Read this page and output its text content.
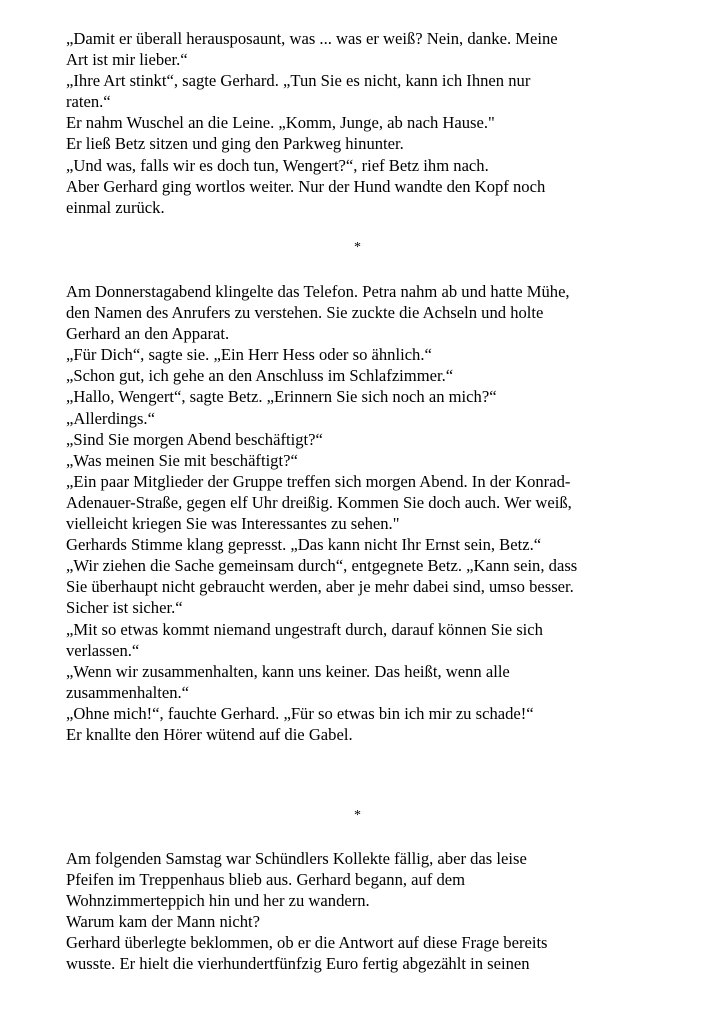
„Damit er überall herausposaunt, was ... was er weiß? Nein, danke. Meine
Art ist mir lieber.“
„Ihre Art stinkt“, sagte Gerhard. „Tun Sie es nicht, kann ich Ihnen nur
raten.“
Er nahm Wuschel an die Leine. „Komm, Junge, ab nach Hause."
Er ließ Betz sitzen und ging den Parkweg hinunter.
„Und was, falls wir es doch tun, Wengert?“, rief Betz ihm nach.
Aber Gerhard ging wortlos weiter. Nur der Hund wandte den Kopf noch
einmal zurück.
*
Am Donnerstagabend klingelte das Telefon. Petra nahm ab und hatte Mühe,
den Namen des Anrufers zu verstehen. Sie zuckte die Achseln und holte
Gerhard an den Apparat.
„Für Dich“, sagte sie. „Ein Herr Hess oder so ähnlich.“
„Schon gut, ich gehe an den Anschluss im Schlafzimmer.“
„Hallo, Wengert“, sagte Betz. „Erinnern Sie sich noch an mich?“
„Allerdings.“
„Sind Sie morgen Abend beschäftigt?“
„Was meinen Sie mit beschäftigt?“
„Ein paar Mitglieder der Gruppe treffen sich morgen Abend. In der Konrad-
Adenauer-Straße, gegen elf Uhr dreißig. Kommen Sie doch auch. Wer weiß,
vielleicht kriegen Sie was Interessantes zu sehen."
Gerhards Stimme klang gepresst. „Das kann nicht Ihr Ernst sein, Betz.“
„Wir ziehen die Sache gemeinsam durch“, entgegnete Betz. „Kann sein, dass
Sie überhaupt nicht gebraucht werden, aber je mehr dabei sind, umso besser.
Sicher ist sicher.“
„Mit so etwas kommt niemand ungestraft durch, darauf können Sie sich
verlassen.“
„Wenn wir zusammenhalten, kann uns keiner. Das heißt, wenn alle
zusammenhalten.“
„Ohne mich!“, fauchte Gerhard. „Für so etwas bin ich mir zu schade!“
Er knallte den Hörer wütend auf die Gabel.
*
Am folgenden Samstag war Schündlers Kollekte fällig, aber das leise
Pfeifen im Treppenhaus blieb aus. Gerhard begann, auf dem
Wohnzimmerteppich hin und her zu wandern.
Warum kam der Mann nicht?
Gerhard überlegte beklommen, ob er die Antwort auf diese Frage bereits
wusste. Er hielt die vierhundertfünfzig Euro fertig abgezählt in seinen
